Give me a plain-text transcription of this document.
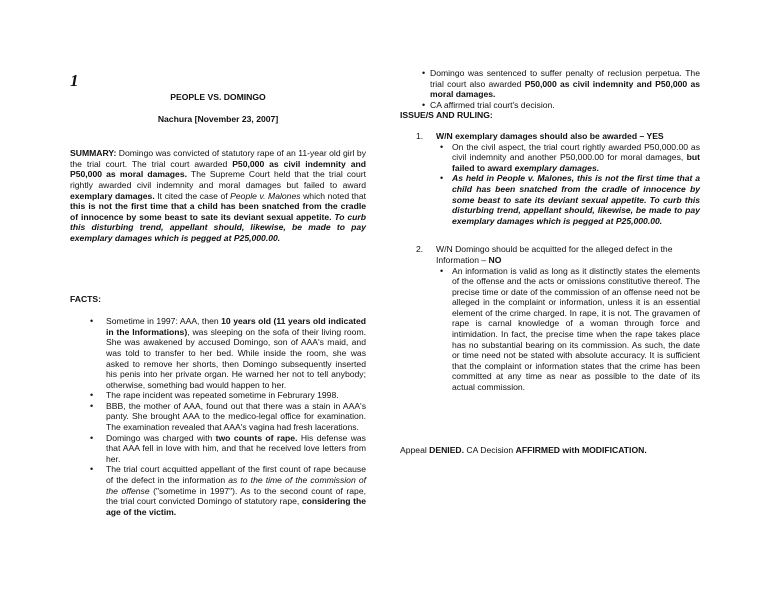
1
PEOPLE VS. DOMINGO
Nachura [November 23, 2007]

SUMMARY: Domingo was convicted of statutory rape of an 11-year old girl by the trial court. The trial court awarded P50,000 as civil indemnity and P50,000 as moral damages. The Supreme Court held that the trial court rightly awarded civil indemnity and moral damages but failed to award exemplary damages. It cited the case of People v. Malones which noted that this is not the first time that a child has been snatched from the cradle of innocence by some beast to sate its deviant sexual appetite. To curb this disturbing trend, appellant should, likewise, be made to pay exemplary damages which is pegged at P25,000.00.

FACTS:
• Sometime in 1997: AAA, then 10 years old (11 years old indicated in the Informations), was sleeping on the sofa of their living room. She was awakened by accused Domingo, son of AAA's maid, and was told to transfer to her bed. While inside the room, she was asked to remove her shorts, then Domingo subsequently inserted his penis into her private organ. He warned her not to tell anybody; otherwise, something bad would happen to her.
• The rape incident was repeated sometime in Februrary 1998.
• BBB, the mother of AAA, found out that there was a stain in AAA's panty. She brought AAA to the medico-legal office for examination. The examination revealed that AAA's vagina had fresh lacerations.
• Domingo was charged with two counts of rape. His defense was that AAA fell in love with him, and that he received love letters from her.
• The trial court acquitted appellant of the first count of rape because of the defect in the information as to the time of the commission of the offense ("sometime in 1997"). As to the second count of rape, the trial court convicted Domingo of statutory rape, considering the age of the victim.
• Domingo was sentenced to suffer penalty of reclusion perpetua. The trial court also awarded P50,000 as civil indemnity and P50,000 as moral damages.
• CA affirmed trial court's decision.
ISSUE/S AND RULING:
1. W/N exemplary damages should also be awarded – YES
• On the civil aspect, the trial court rightly awarded P50,000.00 as civil indemnity and another P50,000.00 for moral damages, but failed to award exemplary damages.
• As held in People v. Malones, this is not the first time that a child has been snatched from the cradle of innocence by some beast to sate its deviant sexual appetite. To curb this disturbing trend, appellant should, likewise, be made to pay exemplary damages which is pegged at P25,000.00.
2. W/N Domingo should be acquitted for the alleged defect in the Information – NO
• An information is valid as long as it distinctly states the elements of the offense and the acts or omissions constitutive thereof. The precise time or date of the commission of an offense need not be alleged in the complaint or information, unless it is an essential element of the crime charged. In rape, it is not. The gravamen of rape is carnal knowledge of a woman through force and intimidation. In fact, the precise time when the rape takes place has no substantial bearing on its commission. As such, the date or time need not be stated with absolute accuracy. It is sufficient that the complaint or information states that the crime has been committed at any time as near as possible to the date of its actual commission.

Appeal DENIED. CA Decision AFFIRMED with MODIFICATION.
